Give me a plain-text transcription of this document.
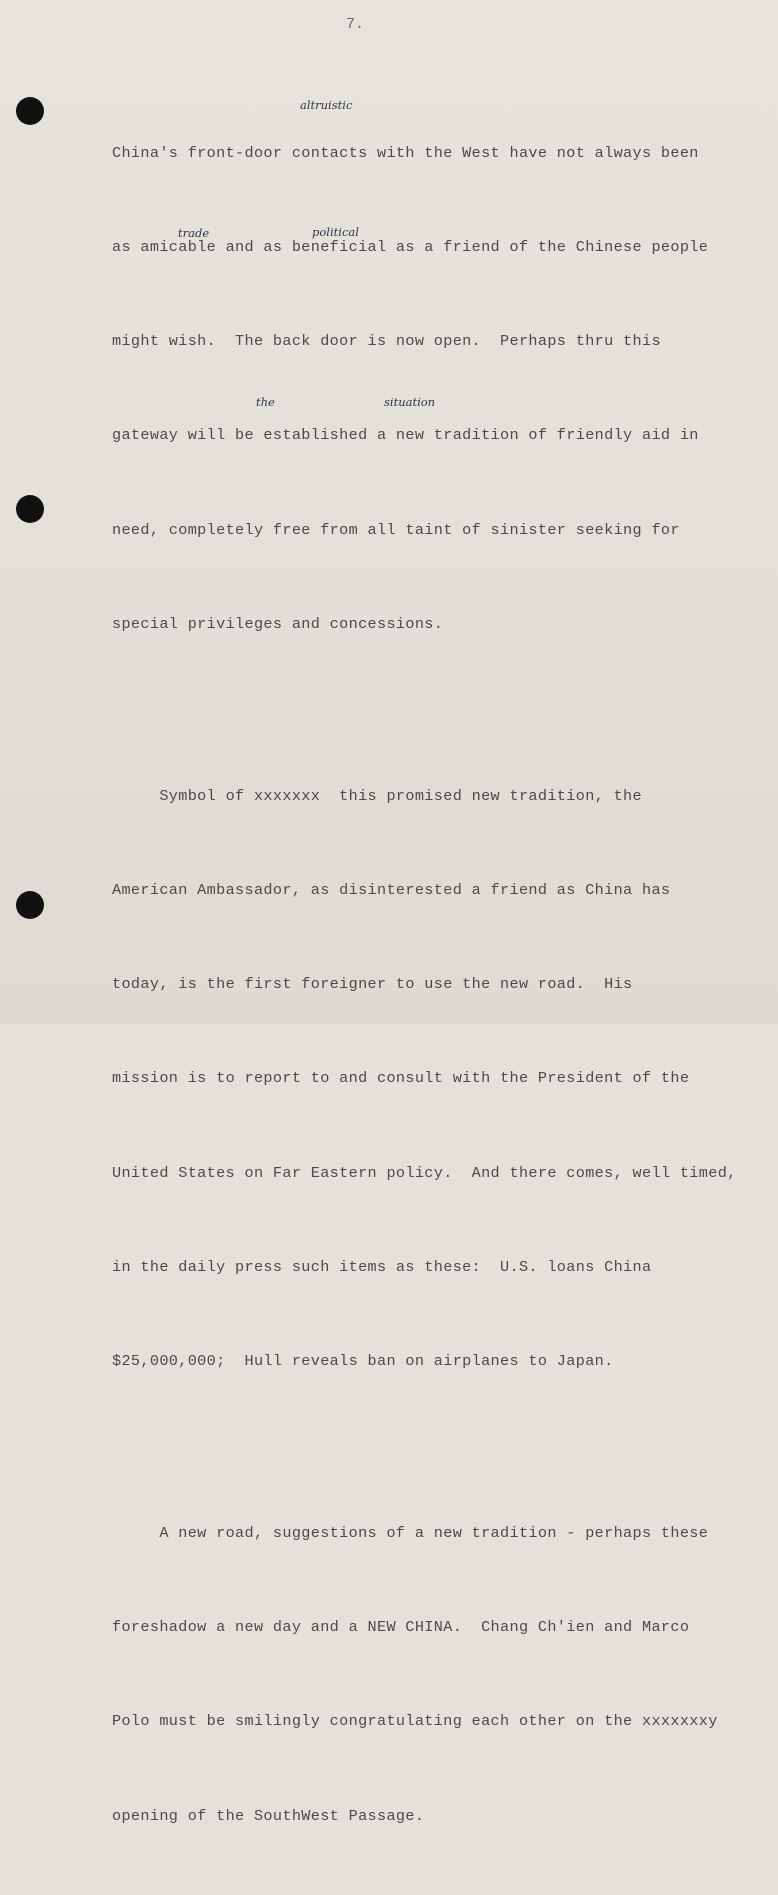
7.

China's front-door contacts with the West have not always been

as amicable and as beneficial as a friend of the Chinese people

might wish.  The back door is now open.  Perhaps thru this

gateway will be established a new tradition of friendly aid in

need, completely free from all taint of sinister seeking for

special privileges and concessions.

Symbol of xxxxxxx  this promised new tradition, the

American Ambassador, as disinterested a friend as China has

today, is the first foreigner to use the new road.  His

mission is to report to and consult with the President of the

United States on Far Eastern policy.  And there comes, well timed,

in the daily press such items as these:  U.S. loans China

$25,000,000;  Hull reveals ban on airplanes to Japan.

A new road, suggestions of a new tradition - perhaps these

foreshadow a new day and a NEW CHINA.  Chang Ch'ien and Marco

Polo must be smilingly congratulating each other on the xxxxxxxy

opening of the SouthWest Passage.

altruistic
trade	political
the	situation
